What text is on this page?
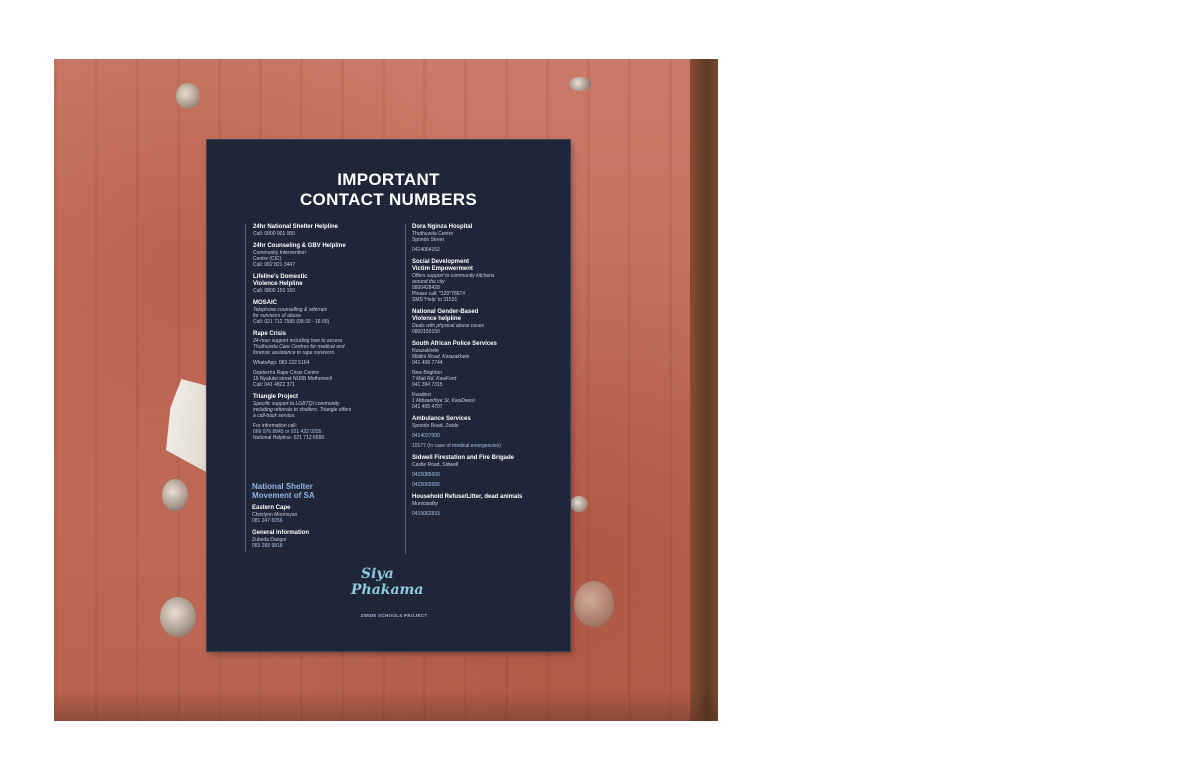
IMPORTANT
CONTACT NUMBERS
24hr National Shelter Helpline
Call: 0800 001 005
24hr Counseling & GBV Helpline
Community Intervention
Centre (CIC)
Call: 082 821 3447
Lifeline's Domestic
Violence Helpline
Call: 0800 150 150
MOSAIC
Telephone counselling & referrals
for survivors of abuse.
Call: 021 712 7585 (08:30 - 16:00)
Rape Crisis
24-hour support including how to access
Thuthuzela Care Centres for medical and
forensic assistance to rape survivors.
WhatsApp: 083 222 5164
Gqeberha Rape Crisis Centre
16 Nyalutsi street NU6B Motherwell
Call: 041 4822 371
Triangle Project
Specific support to LGBTQI community
including referrals to shelters. Triangle offers
a call-back service.
For information call:
066 076 8845 or 021 422 0255
National Helpline: 021 712 6699
National Shelter
Movement of SA
Eastern Cape
Chrislynn Moonsyan
081 247 6056
General information
Zubeda Dangor
083 289 9818
Dora Nginza Hospital
Thuthuzela Centre
Spondo Street
0414064152
Social Development
Victim Empowerment
Offers support to community kitchens
around the city
0800428428
Please call: *120*7867#
SMS 'Help' to 31531
National Gender-Based
Violence helpline
Deals with physical abuse cases
0800150150
South African Police Services
Kwazakhele
Mbilini Road, Kwazakhele
041 408 7744
New Brighton
7 Mati Rd, KwaFord
041 394 7315
Kwadesi
1 Mdwanihlye St, KwaDwesi
041 405 4707
Ambulance Services
Spondo Road, Zwide
0414037000
10177 (In case of medical emergencies)
Sidwell Firestation and Fire Brigade
Castle Road, Sidwell
0415085600
0415065566
Household Refuse/Litter, dead animals
Municipality
0415062833
Siya
Phakama
ZWIDE SCHOOLS PROJECT
